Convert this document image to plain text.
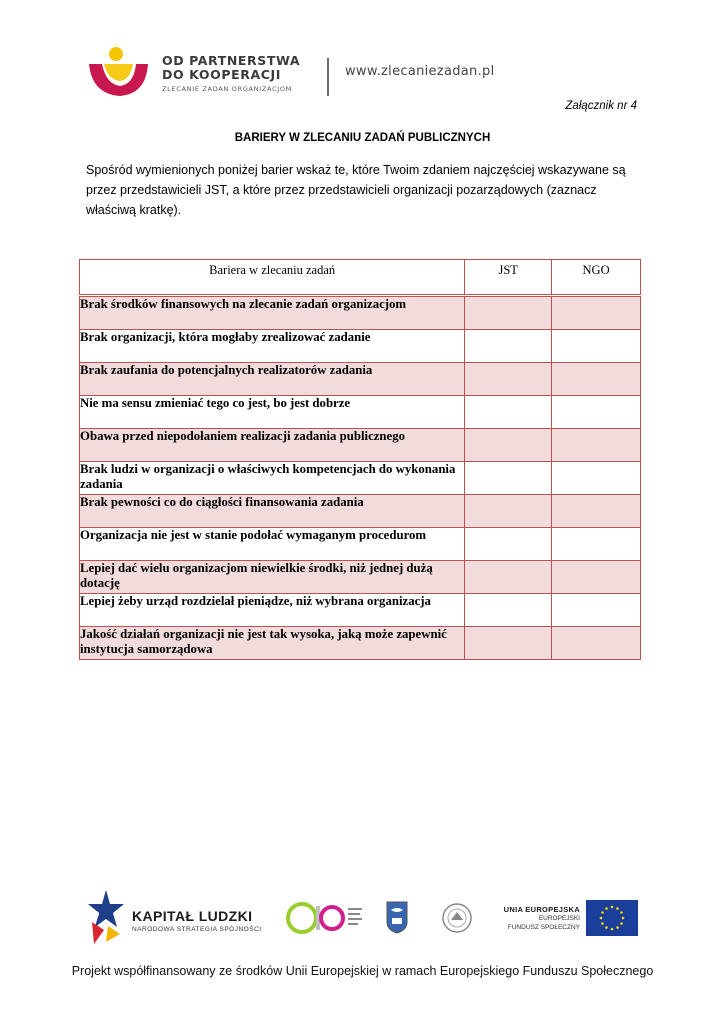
OD PARTNERSTWA
DO KOOPERACJI
ZLECANIE ZADAŃ ORGANIZACJOM
www.zlecaniezadan.pl
Załącznik nr 4
BARIERY W ZLECANIU ZADAŃ PUBLICZNYCH
Spośród wymienionych poniżej barier wskaż te, które Twoim zdaniem najczęściej wskazywane są przez przedstawicieli JST, a które przez przedstawicieli organizacji pozarządowych (zaznacz właściwą kratkę).
Bariera w zlecaniu zadań	JST	NGO
Brak środków finansowych na zlecanie zadań organizacjom		
Brak organizacji, która mogłaby zrealizować zadanie		
Brak zaufania do potencjalnych realizatorów zadania		
Nie ma sensu zmieniać tego co jest, bo jest dobrze		
Obawa przed niepodołaniem realizacji zadania publicznego		
Brak ludzi w organizacji o właściwych kompetencjach do wykonania zadania		
Brak pewności co do ciągłości finansowania zadania		
Organizacja nie jest w stanie podołać wymaganym procedurom		
Lepiej dać wielu organizacjom niewielkie środki, niż jednej dużą dotację		
Lepiej żeby urząd rozdzielał pieniądze, niż wybrana organizacja		
Jakość działań organizacji nie jest tak wysoka, jaką może zapewnić instytucja samorządowa		
KAPITAŁ LUDZKI
NARODOWA STRATEGIA SPÓJNOŚCI
UNIA EUROPEJSKA
EUROPEJSKI
FUNDUSZ SPOŁECZNY
Projekt współfinansowany ze środków Unii Europejskiej w ramach Europejskiego Funduszu Społecznego
